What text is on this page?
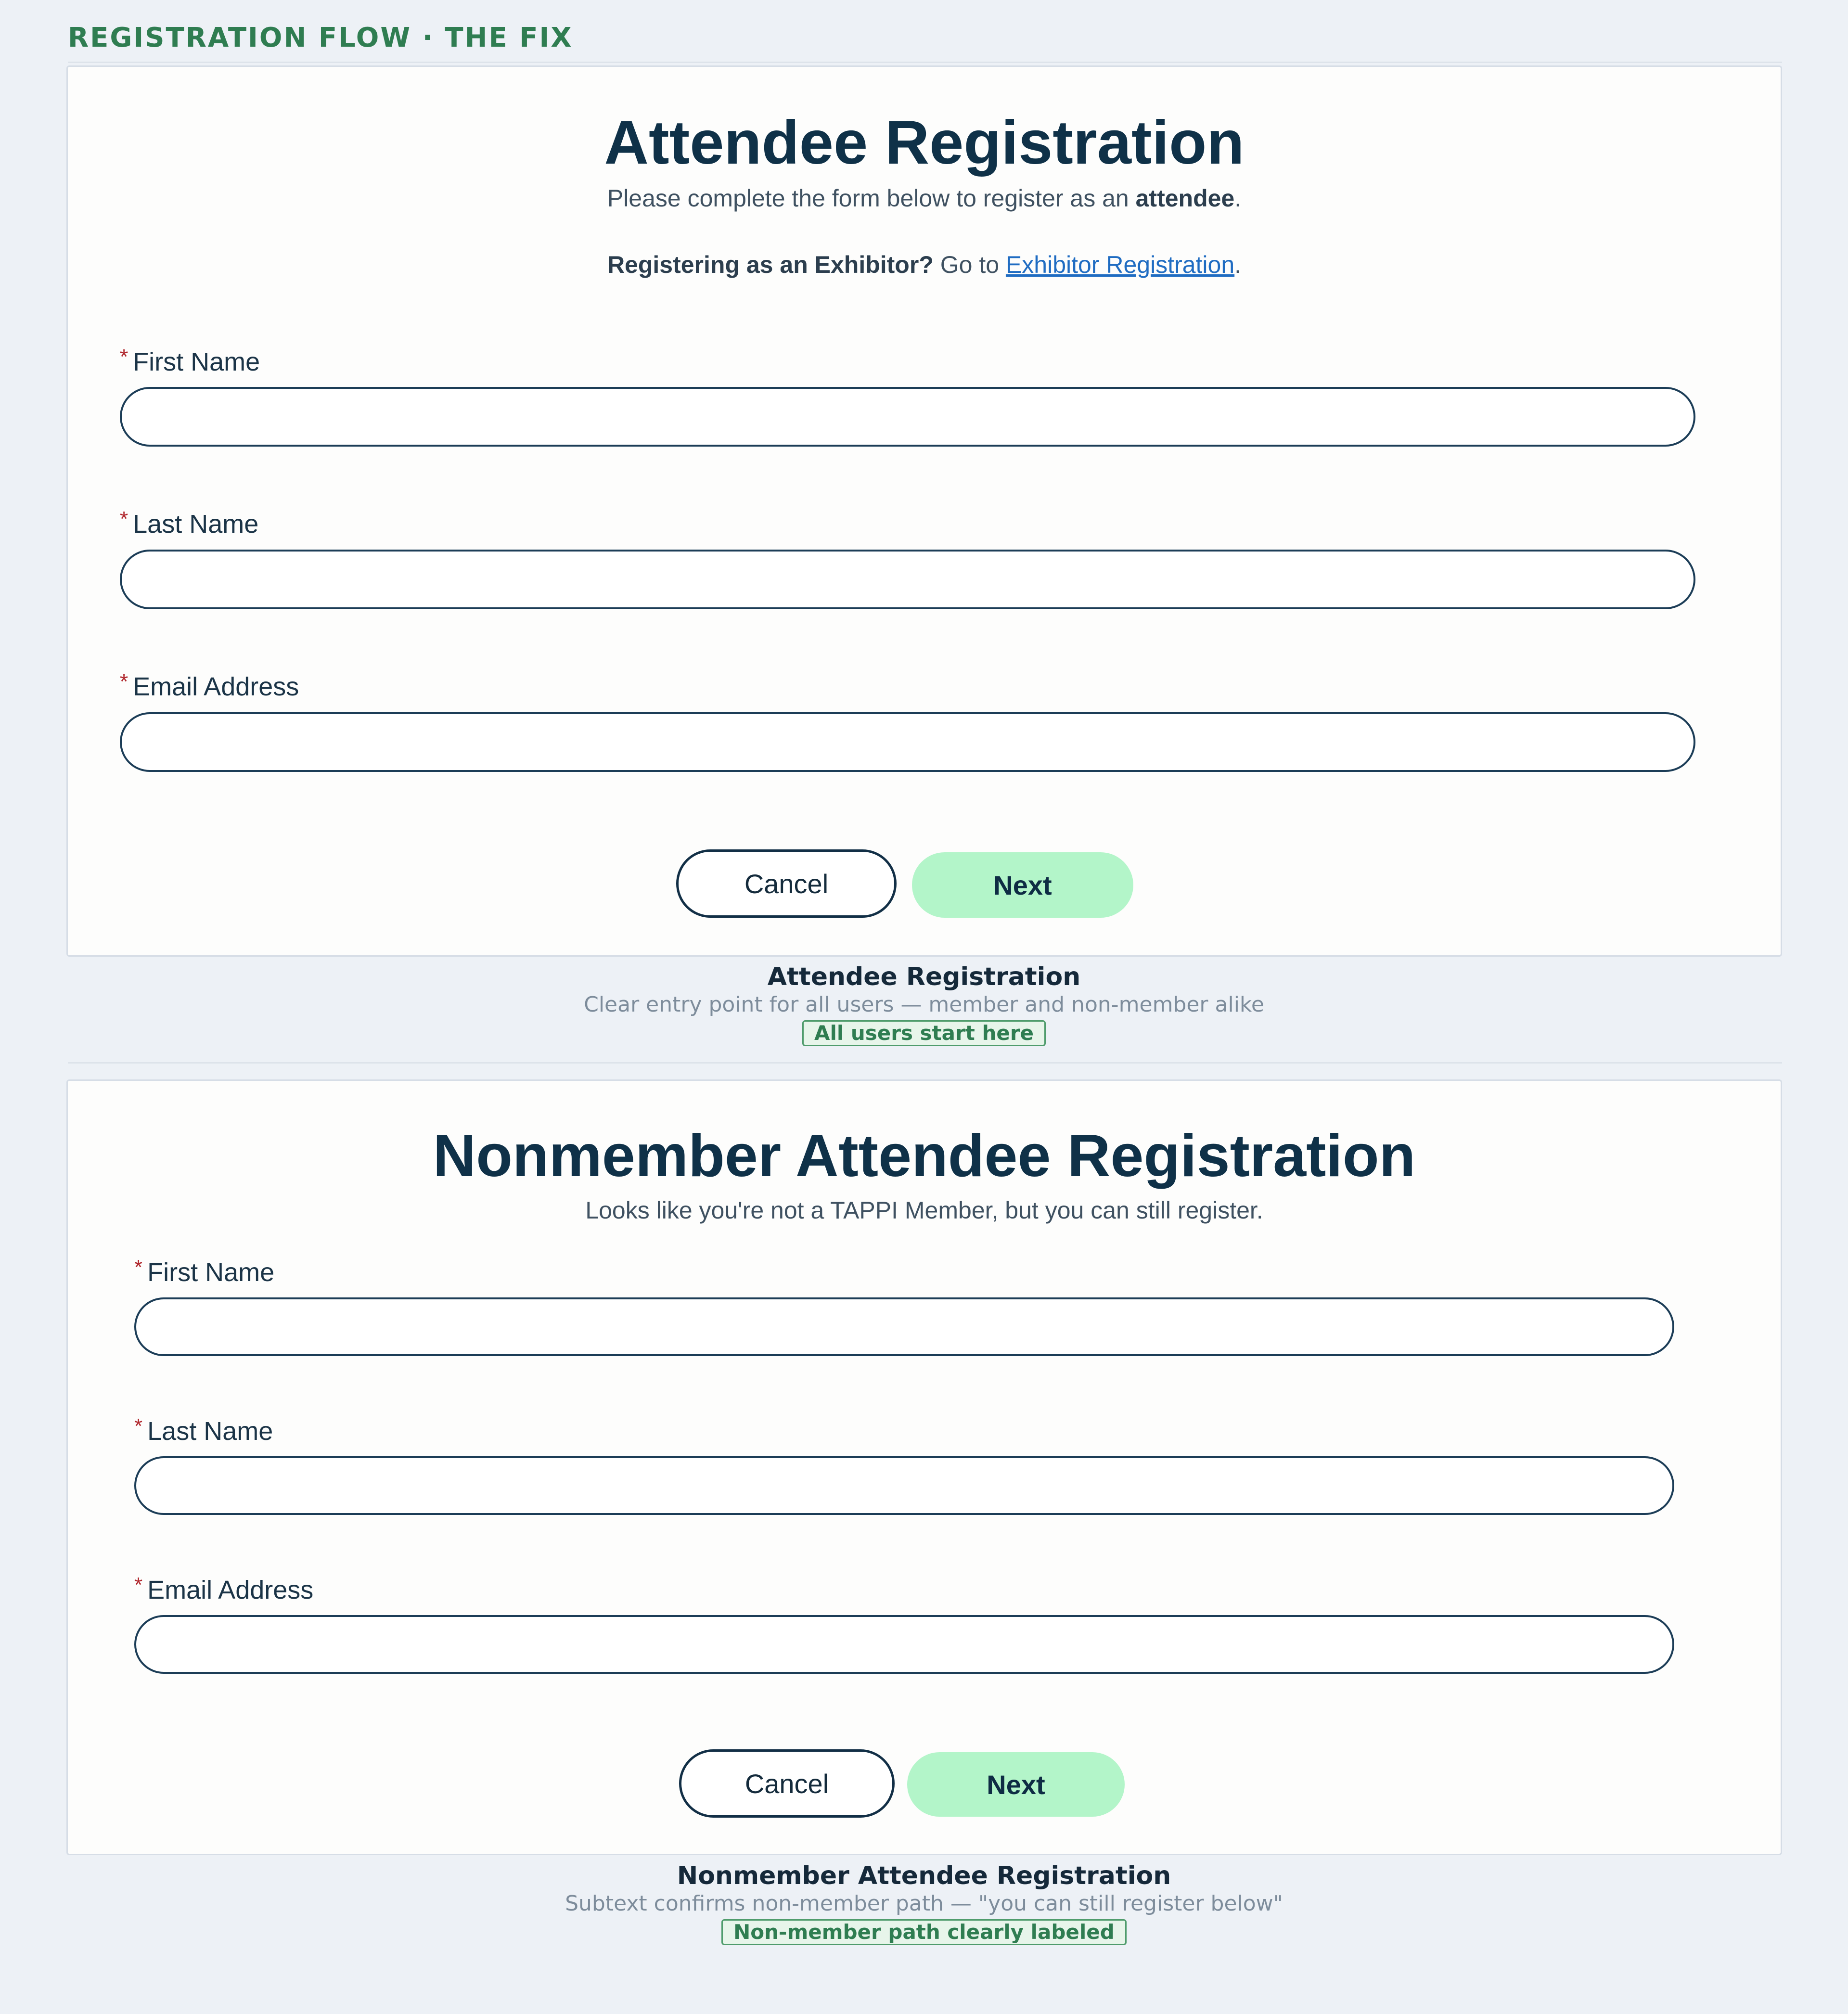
REGISTRATION FLOW · THE FIX
Attendee Registration
Please complete the form below to register as an attendee.
Registering as an Exhibitor? Go to Exhibitor Registration.
* First Name
* Last Name
* Email Address
Cancel	Next
Attendee Registration
Clear entry point for all users — member and non-member alike
All users start here
Nonmember Attendee Registration
Looks like you're not a TAPPI Member, but you can still register.
* First Name
* Last Name
* Email Address
Cancel	Next
Nonmember Attendee Registration
Subtext confirms non-member path — "you can still register below"
Non-member path clearly labeled
